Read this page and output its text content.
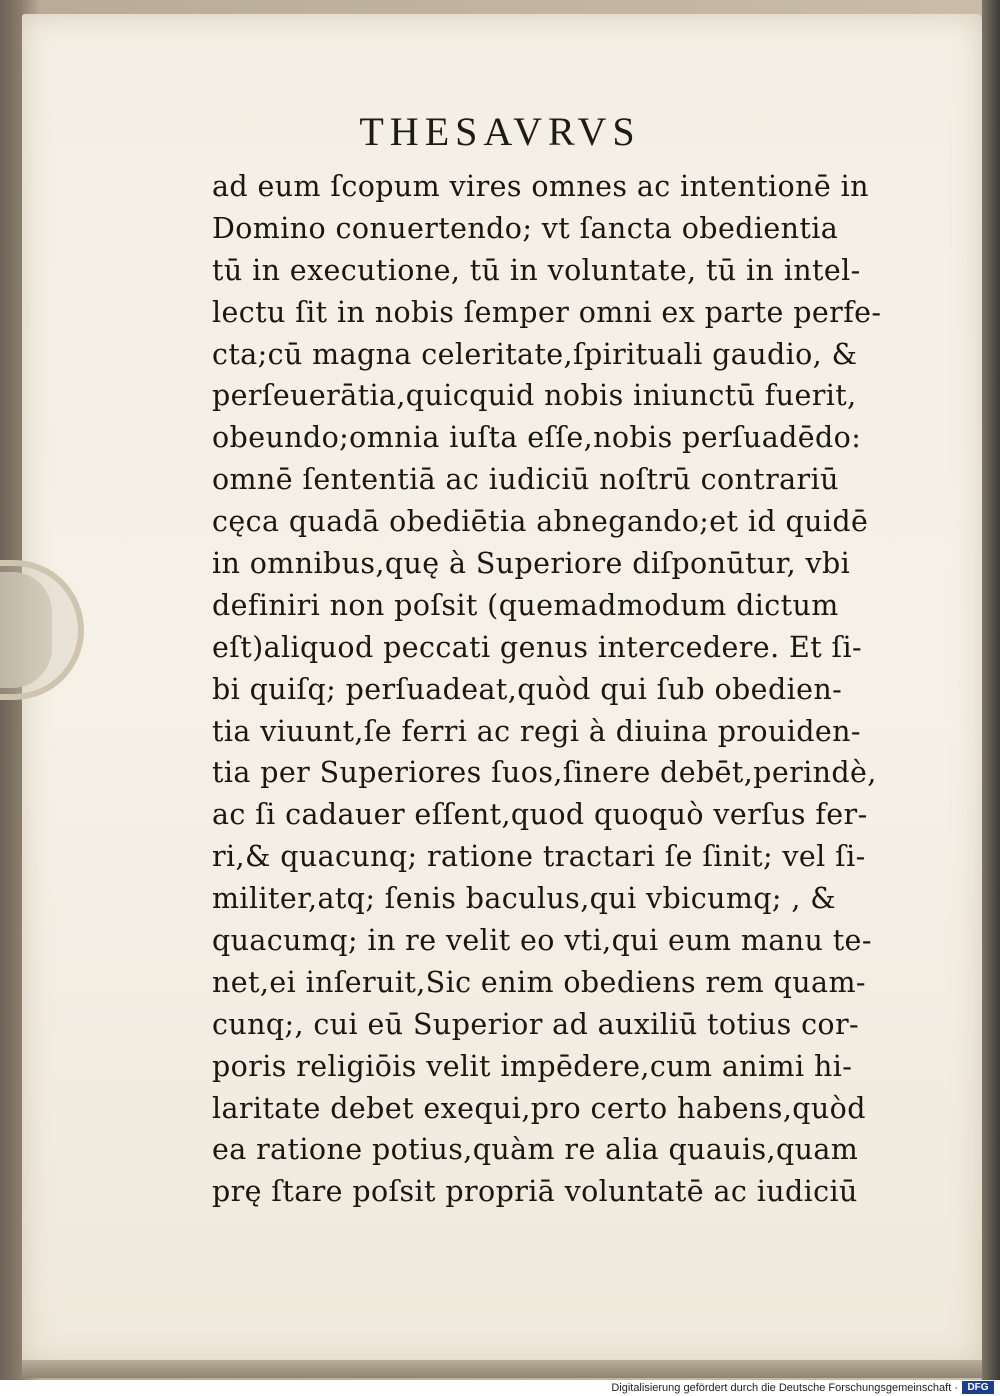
THESAVRVS
ad eum ſcopum vires omnes ac intentionē in
Domino conuertendo; vt ſancta obedientia
tū in executione, tū in voluntate, tū in intel-
lectu ſit in nobis ſemper omni ex parte perfe-
cta;cū magna celeritate,ſpirituali gaudio, &
perſeuerātia,quicquid nobis iniunctū fuerit,
obeundo;omnia iuſta eſſe,nobis perſuadēdo:
omnē ſententiā ac iudiciū noſtrū contrariū
cęca quadā obediētia abnegando;et id quidē
in omnibus,quę à Superiore diſponūtur, vbi
definiri non poſsit (quemadmodum dictum
eſt)aliquod peccati genus intercedere. Et ſi-
bi quiſq; perſuadeat,quòd qui ſub obedien-
tia viuunt,ſe ferri ac regi à diuina prouiden-
tia per Superiores ſuos,ſinere debēt,perindè,
ac ſi cadauer eſſent,quod quoquò verſus fer-
ri,& quacunq; ratione tractari ſe ſinit; vel ſi-
militer,atq; ſenis baculus,qui vbicumq; , &
quacumq; in re velit eo vti,qui eum manu te-
net,ei inſeruit,Sic enim obediens rem quam-
cunq;, cui eū Superior ad auxiliū totius cor-
poris religiōis velit impēdere,cum animi hi-
laritate debet exequi,pro certo habens,quòd
ea ratione potius,quàm re alia quauis,quam
prę ſtare poſsit propriā voluntatē ac iudiciū
Digitalisierung gefördert durch die Deutsche Forschungsgemeinschaft · DFG
